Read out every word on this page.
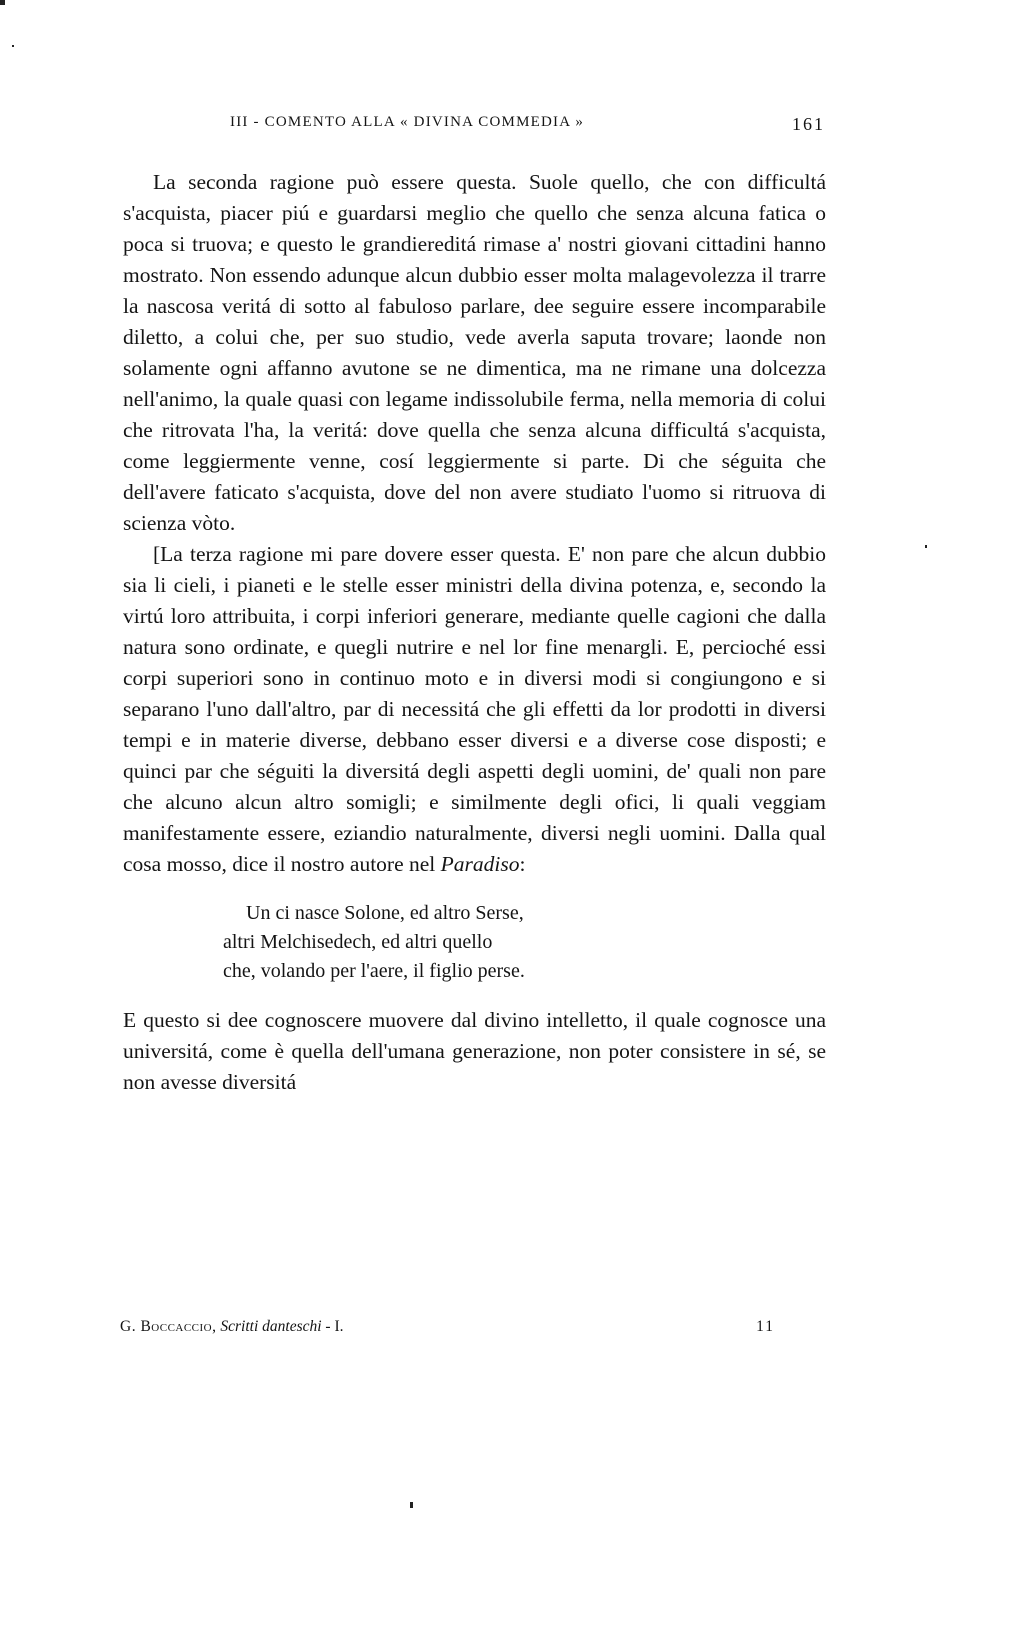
III - COMENTO ALLA « DIVINA COMMEDIA »	161

La seconda ragione può essere questa. Suole quello, che con difficultá s'acquista, piacer piú e guardarsi meglio che quello che senza alcuna fatica o poca si truova; e questo le grandiereditá rimase a' nostri giovani cittadini hanno mostrato. Non essendo adunque alcun dubbio esser molta malagevolezza il trarre la nascosa veritá di sotto al fabuloso parlare, dee seguire essere incomparabile diletto, a colui che, per suo studio, vede averla saputa trovare; laonde non solamente ogni affanno avutone se ne dimentica, ma ne rimane una dolcezza nell'animo, la quale quasi con legame indissolubile ferma, nella memoria di colui che ritrovata l'ha, la veritá: dove quella che senza alcuna difficultá s'acquista, come leggiermente venne, cosí leggiermente si parte. Di che séguita che dell'avere faticato s'acquista, dove del non avere studiato l'uomo si ritruova di scienza vòto.

[La terza ragione mi pare dovere esser questa. E' non pare che alcun dubbio sia li cieli, i pianeti e le stelle esser ministri della divina potenza, e, secondo la virtú loro attribuita, i corpi inferiori generare, mediante quelle cagioni che dalla natura sono ordinate, e quegli nutrire e nel lor fine menargli. E, percioché essi corpi superiori sono in continuo moto e in diversi modi si congiungono e si separano l'uno dall'altro, par di necessitá che gli effetti da lor prodotti in diversi tempi e in materie diverse, debbano esser diversi e a diverse cose disposti; e quinci par che séguiti la diversitá degli aspetti degli uomini, de' quali non pare che alcuno alcun altro somigli; e similmente degli ofici, li quali veggiam manifestamente essere, eziandio naturalmente, diversi negli uomini. Dalla qual cosa mosso, dice il nostro autore nel Paradiso:

Un ci nasce Solone, ed altro Serse,
altri Melchisedech, ed altri quello
che, volando per l'aere, il figlio perse.

E questo si dee cognoscere muovere dal divino intelletto, il quale cognosce una universitá, come è quella dell'umana generazione, non poter consistere in sé, se non avesse diversitá

G. Boccaccio, Scritti danteschi - I.	11
